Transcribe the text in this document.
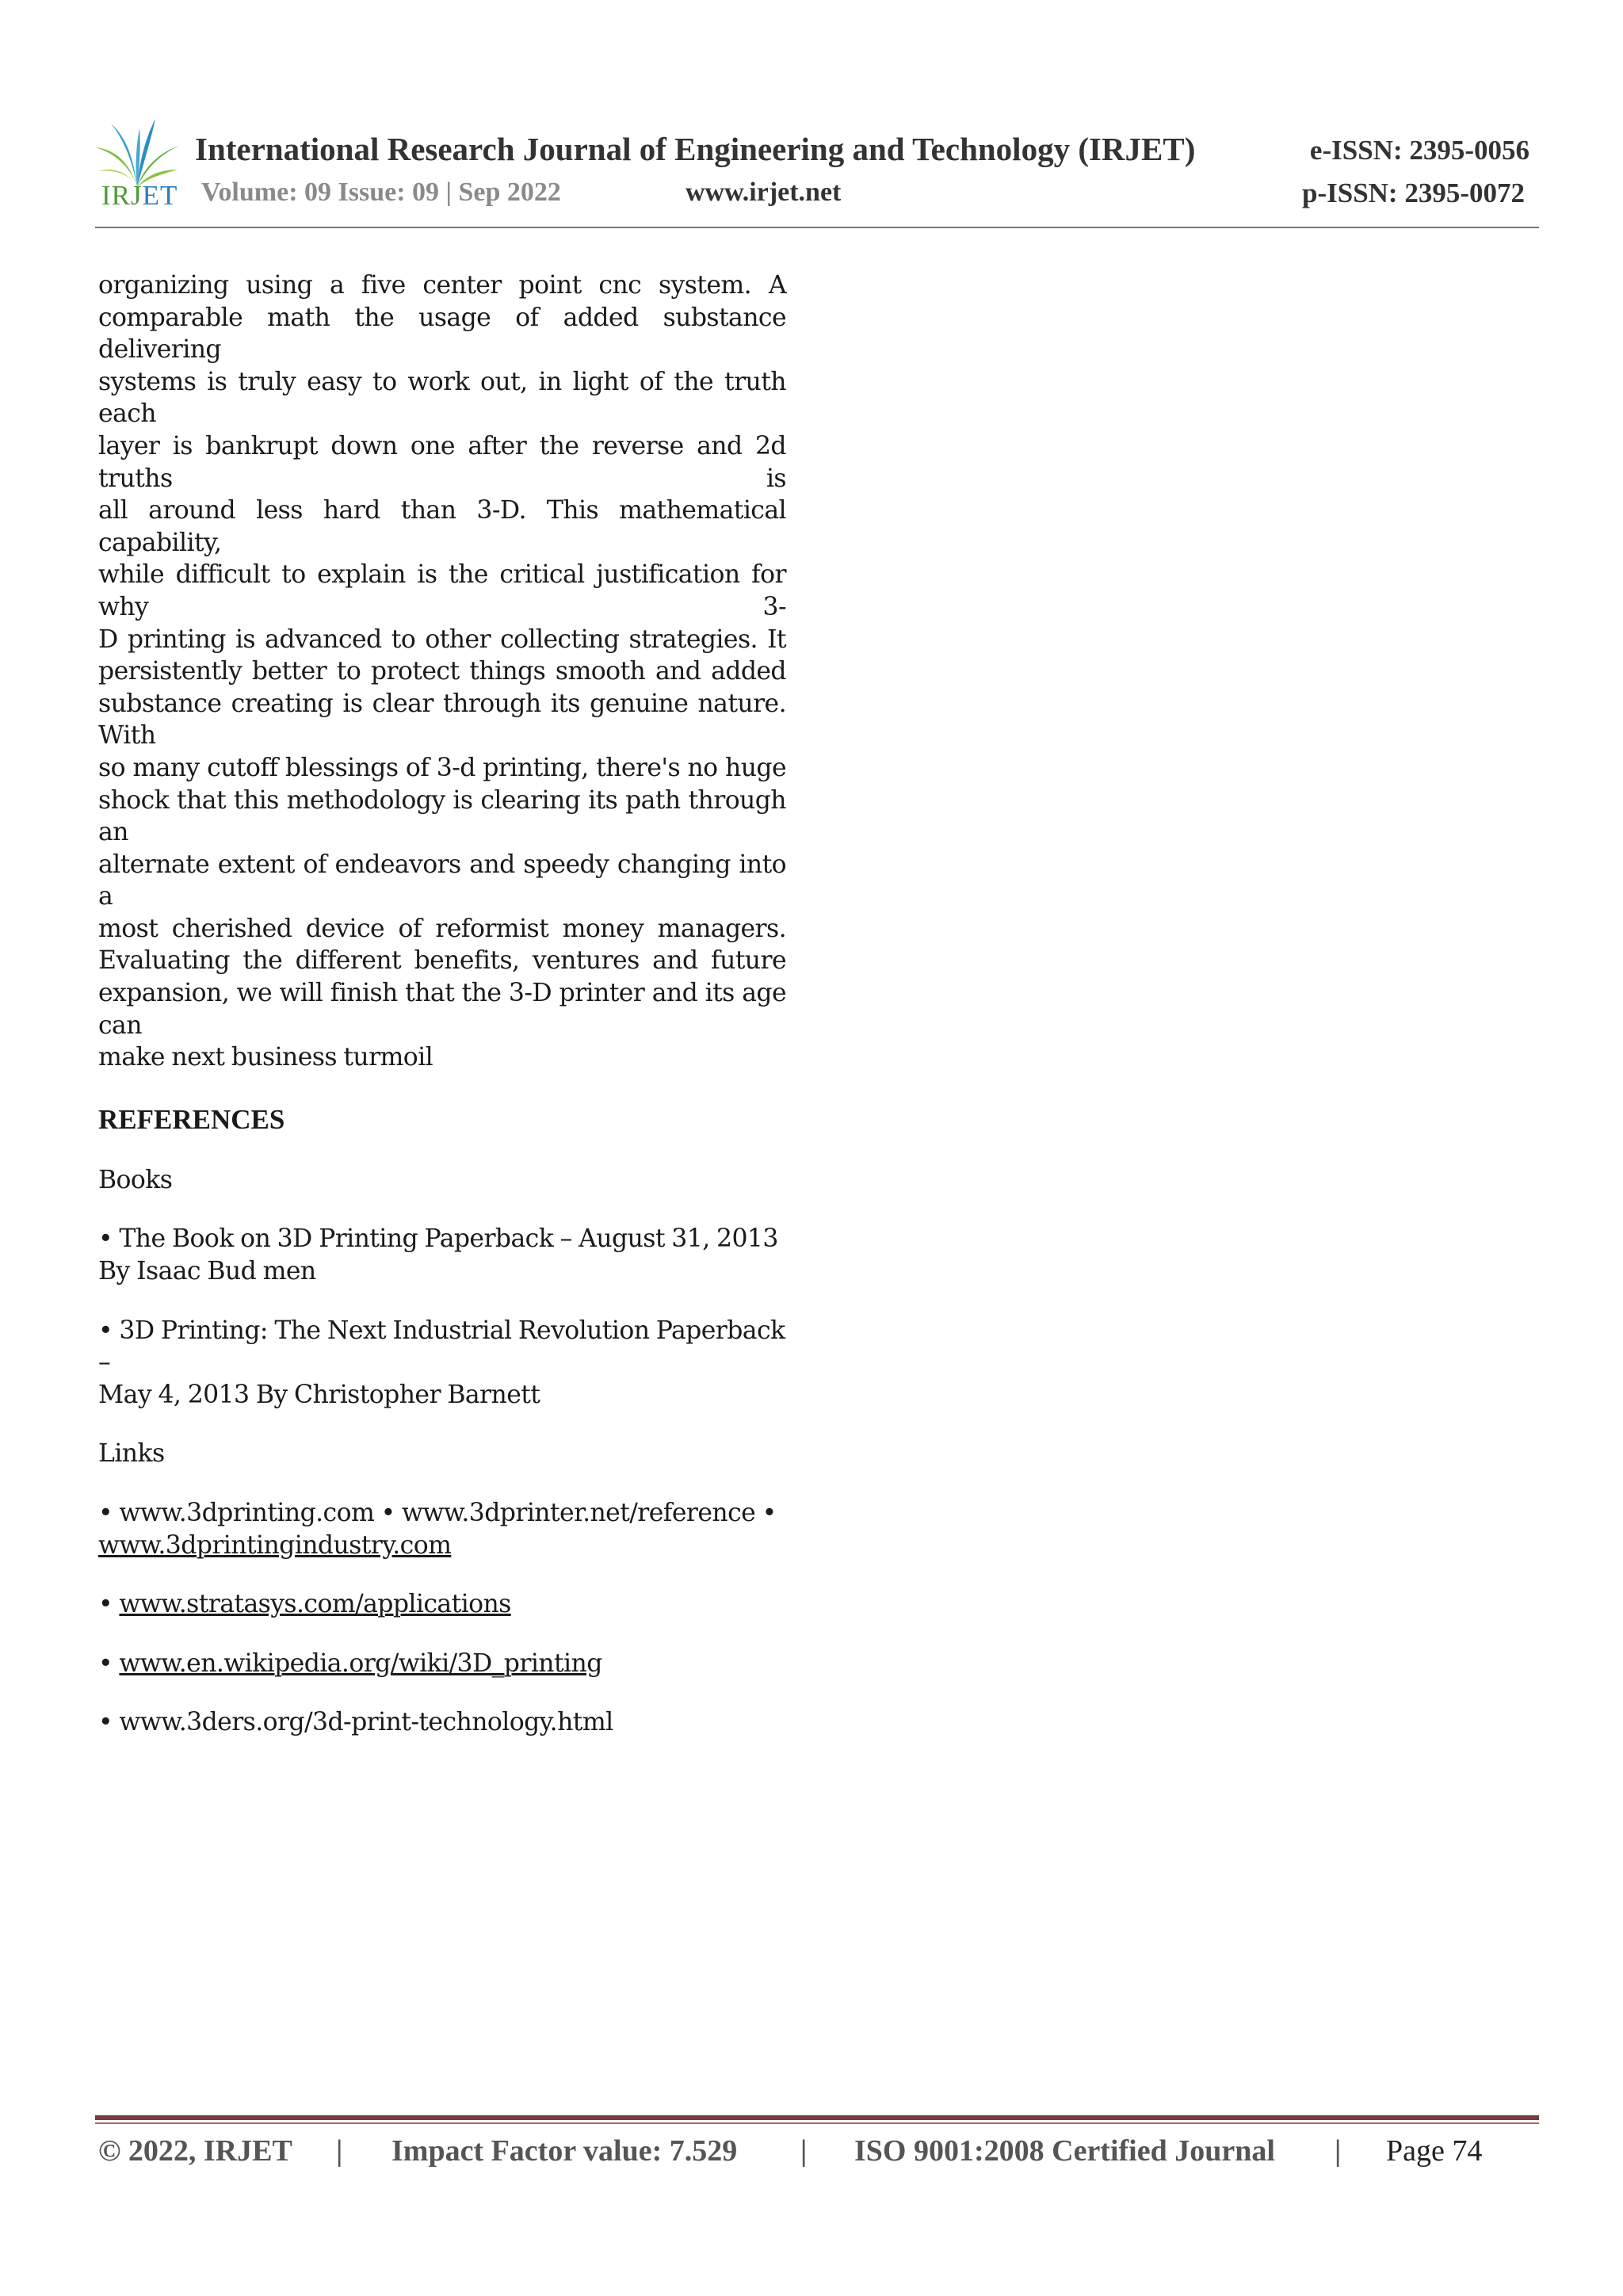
IRJET
International Research Journal of Engineering and Technology (IRJET)	e-ISSN: 2395-0056
Volume: 09 Issue: 09 | Sep 2022	www.irjet.net	p-ISSN: 2395-0072
organizing using a five center point cnc system. A
comparable math the usage of added substance delivering
systems is truly easy to work out, in light of the truth each
layer is bankrupt down one after the reverse and 2d truths is
all around less hard than 3-D. This mathematical capability,
while difficult to explain is the critical justification for why 3-
D printing is advanced to other collecting strategies. It
persistently better to protect things smooth and added
substance creating is clear through its genuine nature. With
so many cutoff blessings of 3-d printing, there's no huge
shock that this methodology is clearing its path through an
alternate extent of endeavors and speedy changing into a
most cherished device of reformist money managers.
Evaluating the different benefits, ventures and future
expansion, we will finish that the 3-D printer and its age can
make next business turmoil
REFERENCES

Books

• The Book on 3D Printing Paperback – August 31, 2013

By Isaac Bud men

• 3D Printing: The Next Industrial Revolution Paperback –

May 4, 2013 By Christopher Barnett

Links

• www.3dprinting.com • www.3dprinter.net/reference •

www.3dprintingindustry.com

• www.stratasys.com/applications

• www.en.wikipedia.org/wiki/3D_printing

• www.3ders.org/3d-print-technology.html

© 2022, IRJET | Impact Factor value: 7.529 | ISO 9001:2008 Certified Journal | Page 74
